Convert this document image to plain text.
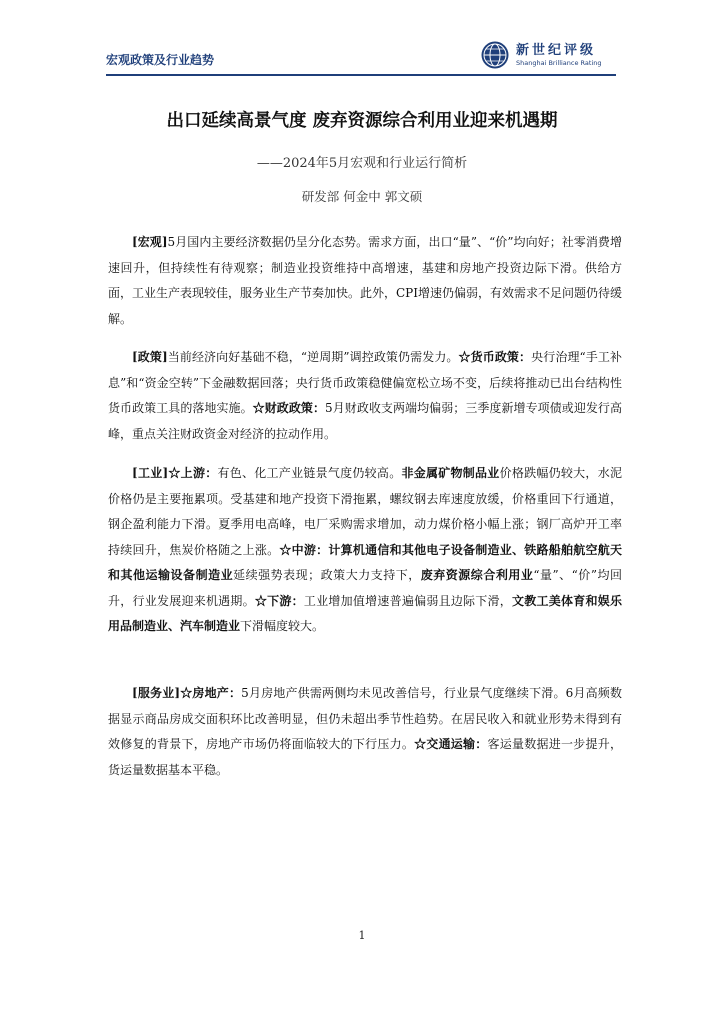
宏观政策及行业趋势
新世纪评级
Shanghai Brilliance Rating
出口延续高景气度 废弃资源综合利用业迎来机遇期
——2024年5月宏观和行业运行简析
研发部 何金中 郭文硕
[宏观]5月国内主要经济数据仍呈分化态势。需求方面，出口“量”、“价”均向好；社零消费增速回升，但持续性有待观察；制造业投资维持中高增速，基建和房地产投资边际下滑。供给方面，工业生产表现较佳，服务业生产节奏加快。此外，CPI增速仍偏弱，有效需求不足问题仍待缓解。
[政策]当前经济向好基础不稳，“逆周期”调控政策仍需发力。☆货币政策：央行治理“手工补息”和“资金空转”下金融数据回落；央行货币政策稳健偏宽松立场不变，后续将推动已出台结构性货币政策工具的落地实施。☆财政政策：5月财政收支两端均偏弱；三季度新增专项债或迎发行高峰，重点关注财政资金对经济的拉动作用。
[工业]☆上游：有色、化工产业链景气度仍较高。非金属矿物制品业价格跌幅仍较大，水泥价格仍是主要拖累项。受基建和地产投资下滑拖累，螺纹钢去库速度放缓，价格重回下行通道，钢企盈利能力下滑。夏季用电高峰，电厂采购需求增加，动力煤价格小幅上涨；钢厂高炉开工率持续回升，焦炭价格随之上涨。☆中游：计算机通信和其他电子设备制造业、铁路船舶航空航天和其他运输设备制造业延续强势表现；政策大力支持下，废弃资源综合利用业“量”、“价”均回升，行业发展迎来机遇期。☆下游：工业增加值增速普遍偏弱且边际下滑，文教工美体育和娱乐用品制造业、汽车制造业下滑幅度较大。
[服务业]☆房地产：5月房地产供需两侧均未见改善信号，行业景气度继续下滑。6月高频数据显示商品房成交面积环比改善明显，但仍未超出季节性趋势。在居民收入和就业形势未得到有效修复的背景下，房地产市场仍将面临较大的下行压力。☆交通运输：客运量数据进一步提升，货运量数据基本平稳。
1
